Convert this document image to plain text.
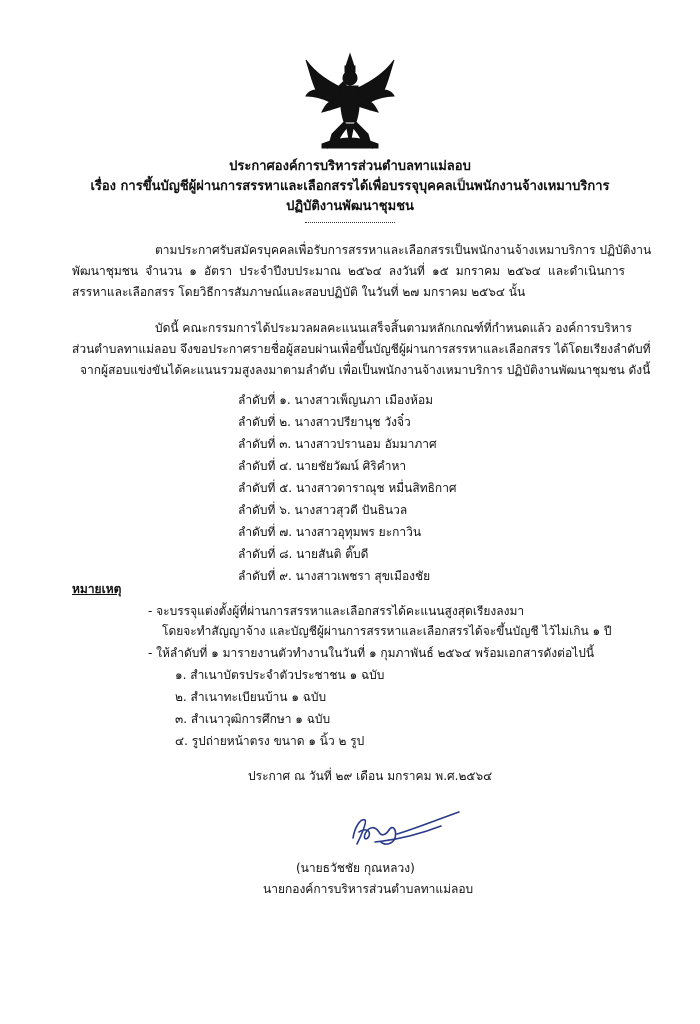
ประกาศองค์การบริหารส่วนตำบลทาแม่ลอบ
เรื่อง การขึ้นบัญชีผู้ผ่านการสรรหาและเลือกสรรได้เพื่อบรรจุบุคคลเป็นพนักงานจ้างเหมาบริการ
ปฏิบัติงานพัฒนาชุมชน
ตามประกาศรับสมัครบุคคลเพื่อรับการสรรหาและเลือกสรรเป็นพนักงานจ้างเหมาบริการ ปฏิบัติงาน
พัฒนาชุมชน จำนวน ๑ อัตรา ประจำปีงบประมาณ ๒๕๖๔ ลงวันที่ ๑๕ มกราคม ๒๕๖๔ และดำเนินการ
สรรหาและเลือกสรร โดยวิธีการสัมภาษณ์และสอบปฏิบัติ ในวันที่ ๒๗ มกราคม ๒๕๖๔ นั้น
บัดนี้ คณะกรรมการได้ประมวลผลคะแนนเสร็จสิ้นตามหลักเกณฑ์ที่กำหนดแล้ว องค์การบริหาร
ส่วนตำบลทาแม่ลอบ จึงขอประกาศรายชื่อผู้สอบผ่านเพื่อขึ้นบัญชีผู้ผ่านการสรรหาและเลือกสรร ได้โดยเรียงลำดับที่
จากผู้สอบแข่งขันได้คะแนนรวมสูงลงมาตามลำดับ เพื่อเป็นพนักงานจ้างเหมาบริการ ปฏิบัติงานพัฒนาชุมชน ดังนี้
ลำดับที่ ๑. นางสาวเพ็ญนภา เมืองห้อม
ลำดับที่ ๒. นางสาวปรียานุช วังจิ๋ว
ลำดับที่ ๓. นางสาวปรานอม อัมมาภาศ
ลำดับที่ ๔. นายชัยวัฒน์ ศิริคำหา
ลำดับที่ ๕. นางสาวดาราณุช หมื่นสิทธิกาศ
ลำดับที่ ๖. นางสาวสุวดี ปันธินวล
ลำดับที่ ๗. นางสาวอุทุมพร ยะกาวิน
ลำดับที่ ๘. นายสันติ ติ๊บดี
ลำดับที่ ๙. นางสาวเพชรา สุขเมืองชัย
หมายเหตุ
- จะบรรจุแต่งตั้งผู้ที่ผ่านการสรรหาและเลือกสรรได้คะแนนสูงสุดเรียงลงมา
โดยจะทำสัญญาจ้าง และบัญชีผู้ผ่านการสรรหาและเลือกสรรได้จะขึ้นบัญชี ไว้ไม่เกิน ๑ ปี
- ให้ลำดับที่ ๑ มารายงานตัวทำงานในวันที่ ๑ กุมภาพันธ์ ๒๕๖๔ พร้อมเอกสารดังต่อไปนี้
๑. สำเนาบัตรประจำตัวประชาชน ๑ ฉบับ
๒. สำเนาทะเบียนบ้าน ๑ ฉบับ
๓. สำเนาวุฒิการศึกษา ๑ ฉบับ
๔. รูปถ่ายหน้าตรง ขนาด ๑ นิ้ว ๒ รูป
ประกาศ ณ วันที่ ๒๙ เดือน มกราคม พ.ศ.๒๕๖๔
(นายธวัชชัย กุณหลวง)
นายกองค์การบริหารส่วนตำบลทาแม่ลอบ
